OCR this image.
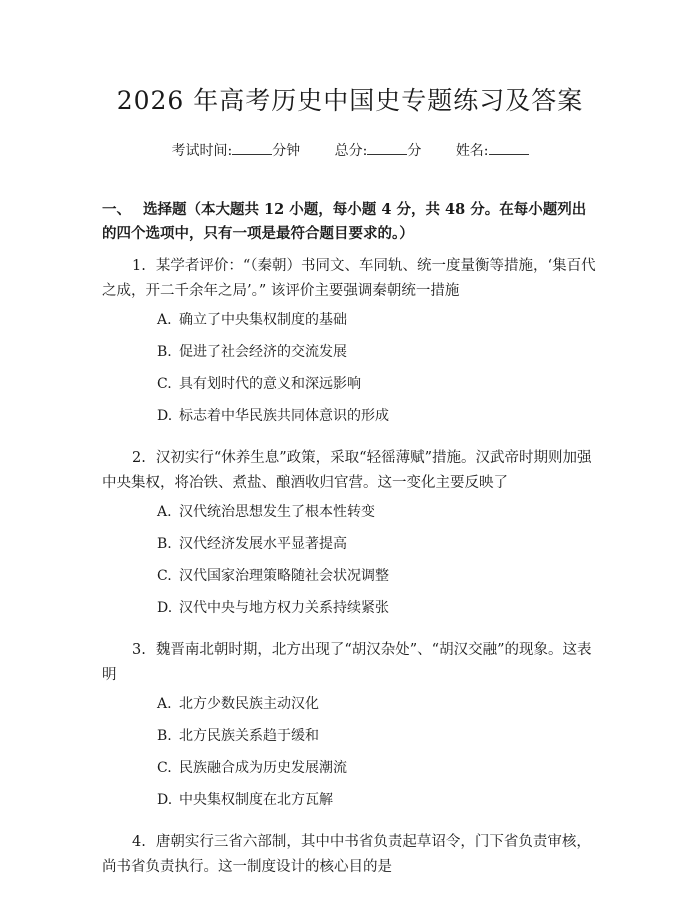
2026 年高考历史中国史专题练习及答案
考试时间:	分钟 总分:	分 姓名:
一、 选择题（本大题共 12 小题，每小题 4 分，共 48 分。在每小题列出的四个选项中，只有一项是最符合题目要求的。）
1. 某学者评价：“（秦朝）书同文、车同轨、统一度量衡等措施，‘集百代之成，开二千余年之局’。” 该评价主要强调秦朝统一措施
A. 确立了中央集权制度的基础
B. 促进了社会经济的交流发展
C. 具有划时代的意义和深远影响
D. 标志着中华民族共同体意识的形成
2. 汉初实行“休养生息”政策，采取“轻徭薄赋”措施。汉武帝时期则加强中央集权，将冶铁、煮盐、酿酒收归官营。这一变化主要反映了
A. 汉代统治思想发生了根本性转变
B. 汉代经济发展水平显著提高
C. 汉代国家治理策略随社会状况调整
D. 汉代中央与地方权力关系持续紧张
3. 魏晋南北朝时期，北方出现了“胡汉杂处”、“胡汉交融”的现象。这表明
A. 北方少数民族主动汉化
B. 北方民族关系趋于缓和
C. 民族融合成为历史发展潮流
D. 中央集权制度在北方瓦解
4. 唐朝实行三省六部制，其中中书省负责起草诏令，门下省负责审核，尚书省负责执行。这一制度设计的核心目的是
